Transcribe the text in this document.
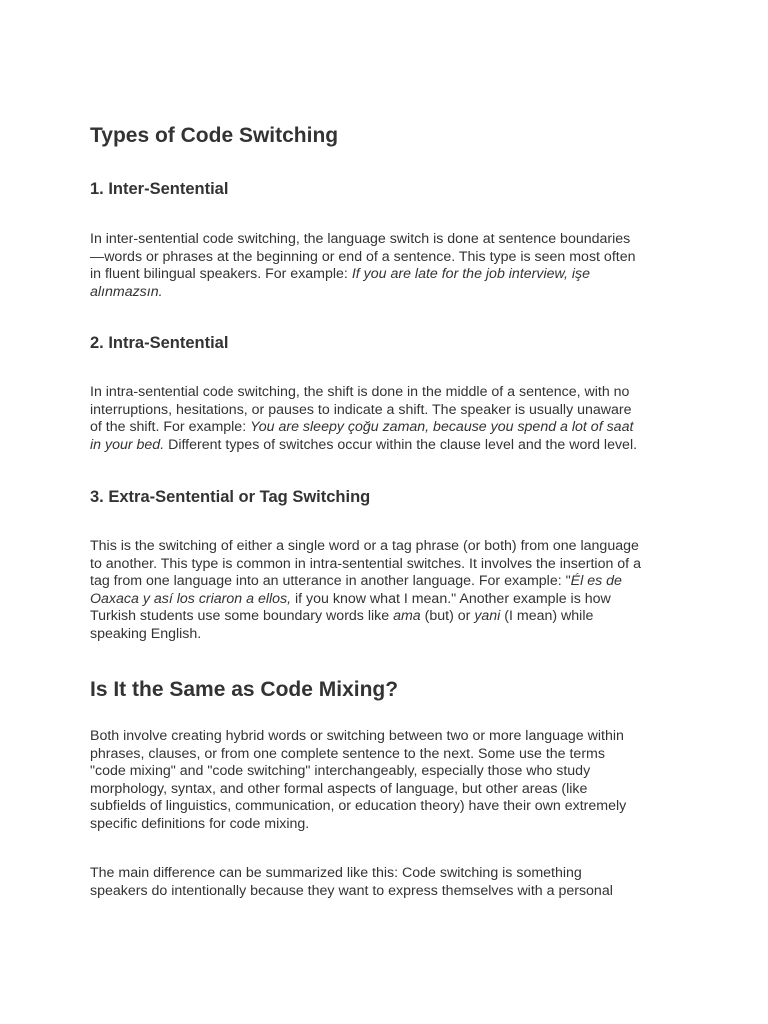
Types of Code Switching
1. Inter-Sentential

In inter-sentential code switching, the language switch is done at sentence boundaries
—words or phrases at the beginning or end of a sentence. This type is seen most often
in fluent bilingual speakers. For example: If you are late for the job interview, işe
alınmazsın.

2. Intra-Sentential

In intra-sentential code switching, the shift is done in the middle of a sentence, with no
interruptions, hesitations, or pauses to indicate a shift. The speaker is usually unaware
of the shift. For example: You are sleepy çoğu zaman, because you spend a lot of saat
in your bed. Different types of switches occur within the clause level and the word level.

3. Extra-Sentential or Tag Switching

This is the switching of either a single word or a tag phrase (or both) from one language
to another. This type is common in intra-sentential switches. It involves the insertion of a
tag from one language into an utterance in another language. For example: "Él es de
Oaxaca y así los criaron a ellos, if you know what I mean." Another example is how
Turkish students use some boundary words like ama (but) or yani (I mean) while
speaking English.

Is It the Same as Code Mixing?

Both involve creating hybrid words or switching between two or more language within
phrases, clauses, or from one complete sentence to the next. Some use the terms
"code mixing" and "code switching" interchangeably, especially those who study
morphology, syntax, and other formal aspects of language, but other areas (like
subfields of linguistics, communication, or education theory) have their own extremely
specific definitions for code mixing.

The main difference can be summarized like this: Code switching is something
speakers do intentionally because they want to express themselves with a personal
